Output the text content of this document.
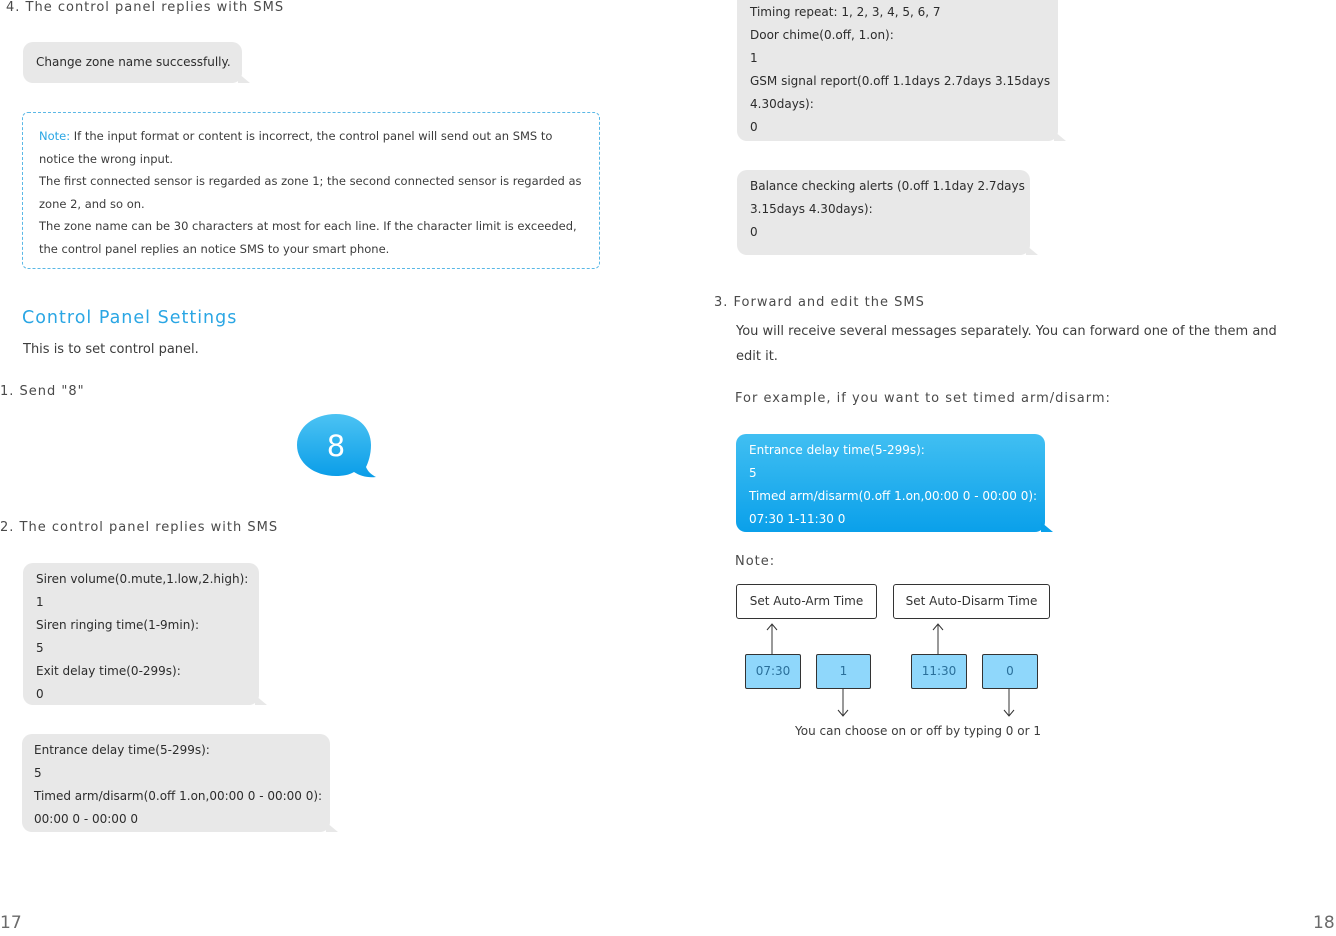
4. The control panel replies with SMS
Change zone name successfully.
Note: If the input format or content is incorrect, the control panel will send out an SMS to
notice the wrong input.
The first connected sensor is regarded as zone 1; the second connected sensor is regarded as
zone 2, and so on.
The zone name can be 30 characters at most for each line. If the character limit is exceeded,
the control panel replies an notice SMS to your smart phone.
Control Panel Settings
This is to set control panel.
1. Send "8"
8
2. The control panel replies with SMS
Siren volume(0.mute,1.low,2.high):
1
Siren ringing time(1-9min):
5
Exit delay time(0-299s):
0
Entrance delay time(5-299s):
5
Timed arm/disarm(0.off 1.on,00:00 0 - 00:00 0):
00:00 0 - 00:00 0
17
Timing repeat: 1, 2, 3, 4, 5, 6, 7
Door chime(0.off, 1.on):
1
GSM signal report(0.off 1.1days 2.7days 3.15days
4.30days):
0
Balance checking alerts (0.off 1.1day 2.7days
3.15days 4.30days):
0
3. Forward and edit the SMS
You will receive several messages separately. You can forward one of the them and edit it.
For example, if you want to set timed arm/disarm:
Entrance delay time(5-299s):
5
Timed arm/disarm(0.off 1.on,00:00 0 - 00:00 0):
07:30 1-11:30 0
Note:
Set Auto-Arm Time	Set Auto-Disarm Time
07:30	1	11:30	0
You can choose on or off by typing 0 or 1
18
